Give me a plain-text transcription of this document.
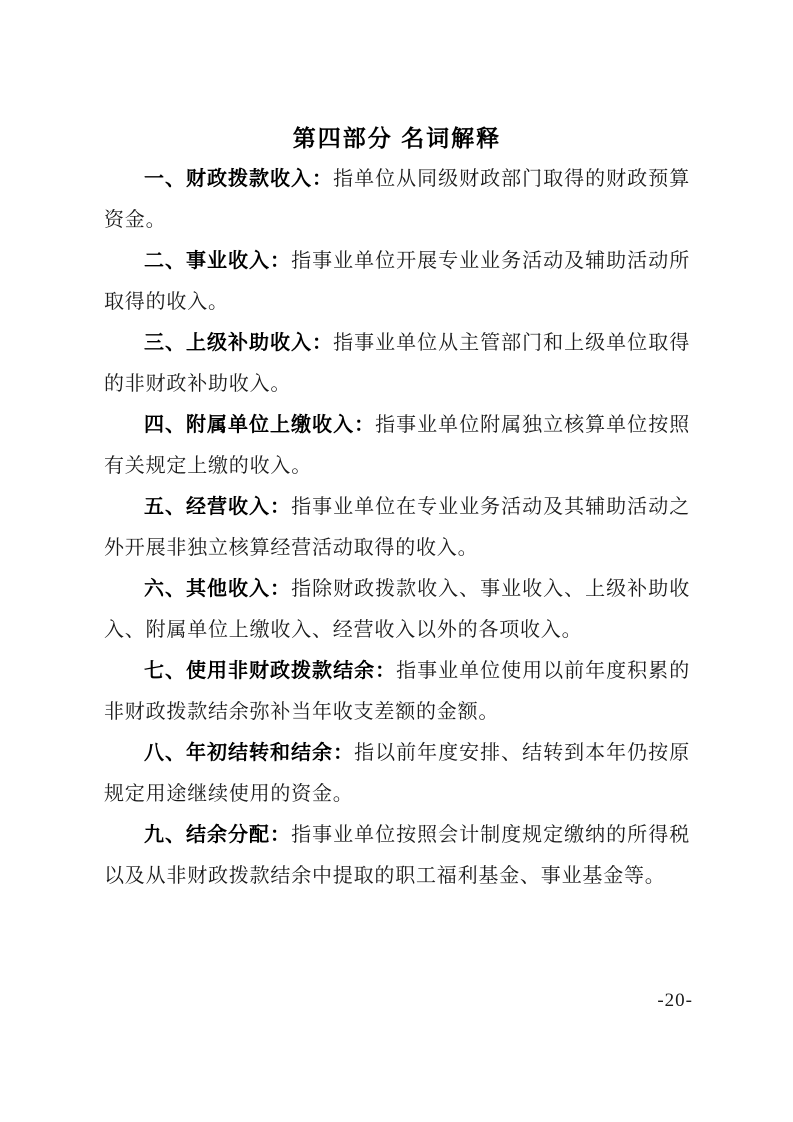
第四部分 名词解释

一、财政拨款收入：指单位从同级财政部门取得的财政预算资金。

二、事业收入：指事业单位开展专业业务活动及辅助活动所取得的收入。

三、上级补助收入：指事业单位从主管部门和上级单位取得的非财政补助收入。

四、附属单位上缴收入：指事业单位附属独立核算单位按照有关规定上缴的收入。

五、经营收入：指事业单位在专业业务活动及其辅助活动之外开展非独立核算经营活动取得的收入。

六、其他收入：指除财政拨款收入、事业收入、上级补助收入、附属单位上缴收入、经营收入以外的各项收入。

七、使用非财政拨款结余：指事业单位使用以前年度积累的非财政拨款结余弥补当年收支差额的金额。

八、年初结转和结余：指以前年度安排、结转到本年仍按原规定用途继续使用的资金。

九、结余分配：指事业单位按照会计制度规定缴纳的所得税以及从非财政拨款结余中提取的职工福利基金、事业基金等。

-20-
